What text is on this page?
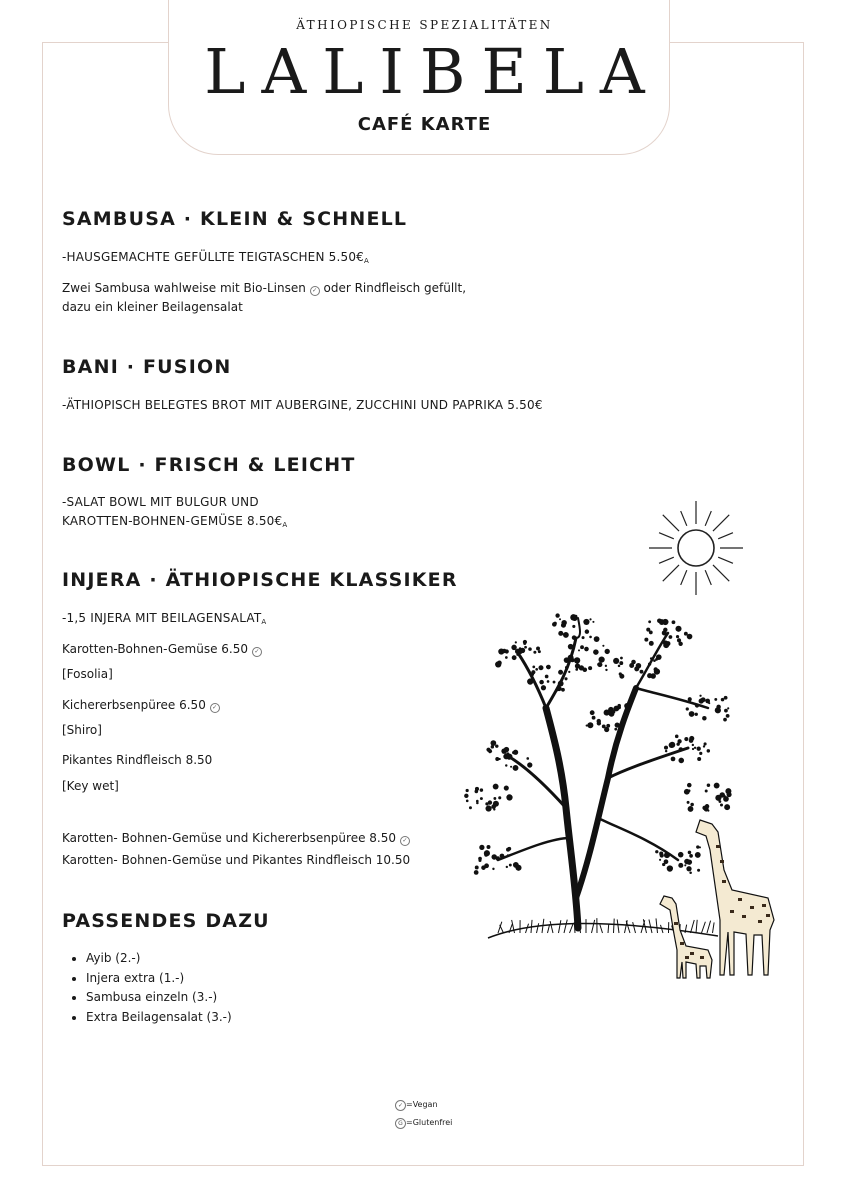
ÄTHIOPISCHE SPEZIALITÄTEN
LALIBELA
CAFÉ KARTE
SAMBUSA · KLEIN & SCHNELL
-HAUSGEMACHTE GEFÜLLTE TEIGTASCHEN $5.50€_A$
Zwei Sambusa wahlweise mit Bio-Linsen ✓ oder Rindfleisch gefüllt,
dazu ein kleiner Beilagensalat
BANI · FUSION
-ÄTHIOPISCH BELEGTES BROT MIT AUBERGINE, ZUCCHINI UND PAPRIKA 5.50€
BOWL · FRISCH & LEICHT
-SALAT BOWL MIT BULGUR UND
KAROTTEN-BOHNEN-GEMÜSE $8.50€_A$
INJERA · ÄTHIOPISCHE KLASSIKER
-1,5 INJERA MIT $BEILAGENSALAT_A$
Karotten-Bohnen-Gemüse 6.50 ✓
[Fosolia]
Kichererbsenpüree 6.50 ✓
[Shiro]
Pikantes Rindfleisch 8.50
[Key wet]
Karotten- Bohnen-Gemüse und Kichererbsenpüree 8.50 ✓
Karotten- Bohnen-Gemüse und Pikantes Rindfleisch 10.50
PASSENDES DAZU
• Ayib (2.-)
• Injera extra (1.-)
• Sambusa einzeln (3.-)
• Extra Beilagensalat (3.-)
✓ =Vegan
G =Glutenfrei
